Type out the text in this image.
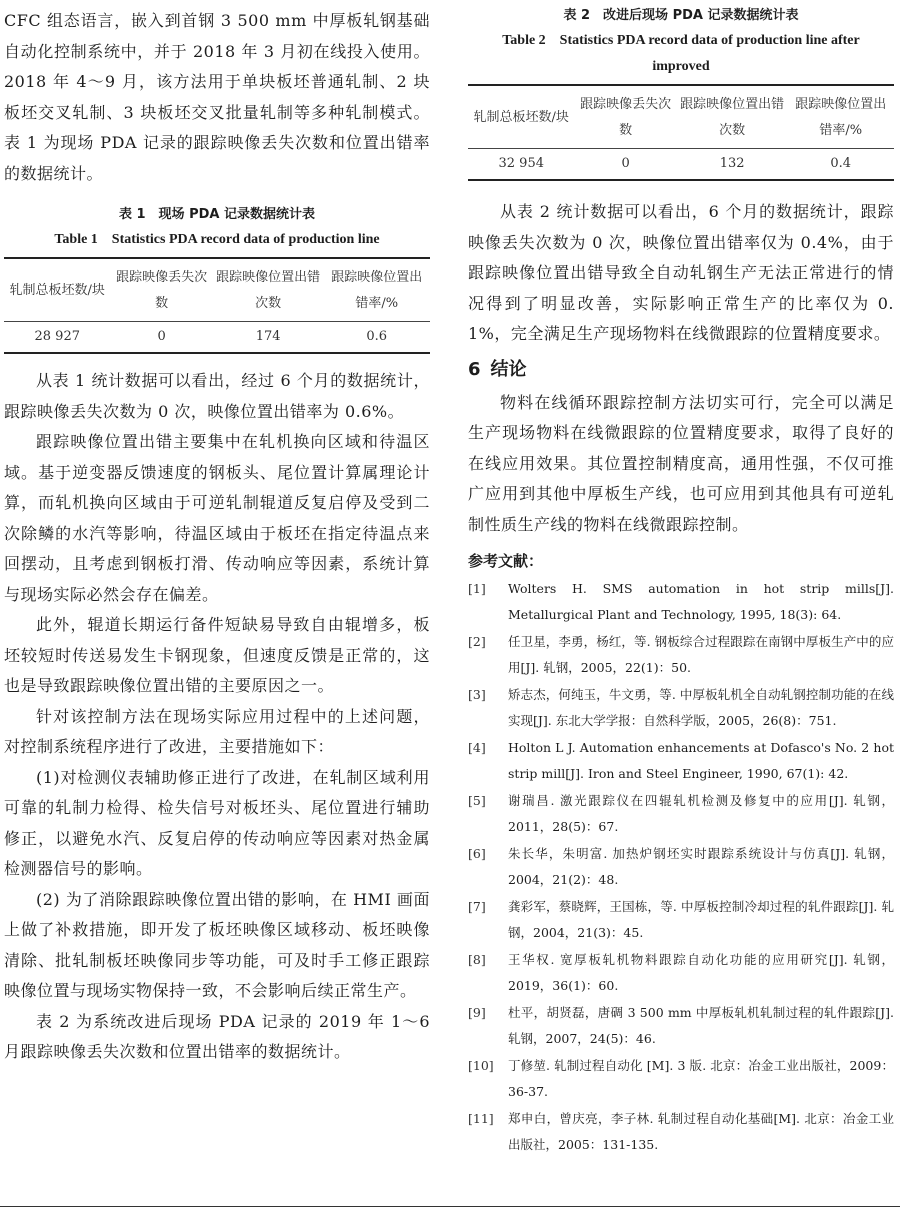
CFC 组态语言，嵌入到首钢 3 500 mm 中厚板轧钢基础自动化控制系统中，并于 2018 年 3 月初在线投入使用。2018 年 4～9 月，该方法用于单块板坯普通轧制、2 块板坯交叉轧制、3 块板坯交叉批量轧制等多种轧制模式。表 1 为现场 PDA 记录的跟踪映像丢失次数和位置出错率的数据统计。

表 1　现场 PDA 记录数据统计表

Table 1　Statistics PDA record data of production line

轧制总板坯数/块	跟踪映像丢失次数	跟踪映像位置出错次数	跟踪映像位置出错率/%
28 927	0	174	0.6

从表 1 统计数据可以看出，经过 6 个月的数据统计，跟踪映像丢失次数为 0 次，映像位置出错率为 0.6%。

跟踪映像位置出错主要集中在轧机换向区域和待温区域。基于逆变器反馈速度的钢板头、尾位置计算属理论计算，而轧机换向区域由于可逆轧制辊道反复启停及受到二次除鳞的水汽等影响，待温区域由于板坯在指定待温点来回摆动，且考虑到钢板打滑、传动响应等因素，系统计算与现场实际必然会存在偏差。

此外，辊道长期运行备件短缺易导致自由辊增多，板坯较短时传送易发生卡钢现象，但速度反馈是正常的，这也是导致跟踪映像位置出错的主要原因之一。

针对该控制方法在现场实际应用过程中的上述问题，对控制系统程序进行了改进，主要措施如下：

(1)对检测仪表辅助修正进行了改进，在轧制区域利用可靠的轧制力检得、检失信号对板坯头、尾位置进行辅助修正，以避免水汽、反复启停的传动响应等因素对热金属检测器信号的影响。

(2) 为了消除跟踪映像位置出错的影响，在 HMI 画面上做了补救措施，即开发了板坯映像区域移动、板坯映像清除、批轧制板坯映像同步等功能，可及时手工修正跟踪映像位置与现场实物保持一致，不会影响后续正常生产。

表 2 为系统改进后现场 PDA 记录的 2019 年 1～6 月跟踪映像丢失次数和位置出错率的数据统计。

表 2　改进后现场 PDA 记录数据统计表

Table 2　Statistics PDA record data of production line after improved

轧制总板坯数/块	跟踪映像丢失次数	跟踪映像位置出错次数	跟踪映像位置出错率/%
32 954	0	132	0.4

从表 2 统计数据可以看出，6 个月的数据统计，跟踪映像丢失次数为 0 次，映像位置出错率仅为 0.4%，由于跟踪映像位置出错导致全自动轧钢生产无法正常进行的情况得到了明显改善，实际影响正常生产的比率仅为 0.1%，完全满足生产现场物料在线微跟踪的位置精度要求。

6 结论

物料在线循环跟踪控制方法切实可行，完全可以满足生产现场物料在线微跟踪的位置精度要求，取得了良好的在线应用效果。其位置控制精度高，通用性强，不仅可推广应用到其他中厚板生产线，也可应用到其他具有可逆轧制性质生产线的物料在线微跟踪控制。

参考文献：
[1]	Wolters H. SMS automation in hot strip mills[J]. Metallurgical Plant and Technology, 1995, 18(3): 64.
[2]	任卫星，李勇，杨红，等. 钢板综合过程跟踪在南钢中厚板生产中的应用[J]. 轧钢，2005，22(1)：50.
[3]	矫志杰，何纯玉，牛文勇，等. 中厚板轧机全自动轧钢控制功能的在线实现[J]. 东北大学学报：自然科学版，2005，26(8)：751.
[4]	Holton L J. Automation enhancements at Dofasco's No. 2 hot strip mill[J]. Iron and Steel Engineer, 1990, 67(1): 42.
[5]	谢瑞昌. 激光跟踪仪在四辊轧机检测及修复中的应用[J]. 轧钢，2011，28(5)：67.
[6]	朱长华，朱明富. 加热炉钢坯实时跟踪系统设计与仿真[J]. 轧钢，2004，21(2)：48.
[7]	龚彩军，蔡晓辉，王国栋，等. 中厚板控制冷却过程的轧件跟踪[J]. 轧钢，2004，21(3)：45.
[8]	王华权. 宽厚板轧机物料跟踪自动化功能的应用研究[J]. 轧钢，2019，36(1)：60.
[9]	杜平，胡贤磊，唐碉 3 500 mm 中厚板轧机轧制过程的轧件跟踪[J]. 轧钢，2007，24(5)：46.
[10]	丁修堃. 轧制过程自动化 [M]. 3 版. 北京：冶金工业出版社，2009：36-37.
[11]	郑申白，曾庆亮，李子林. 轧制过程自动化基础[M]. 北京：冶金工业出版社，2005：131-135.
